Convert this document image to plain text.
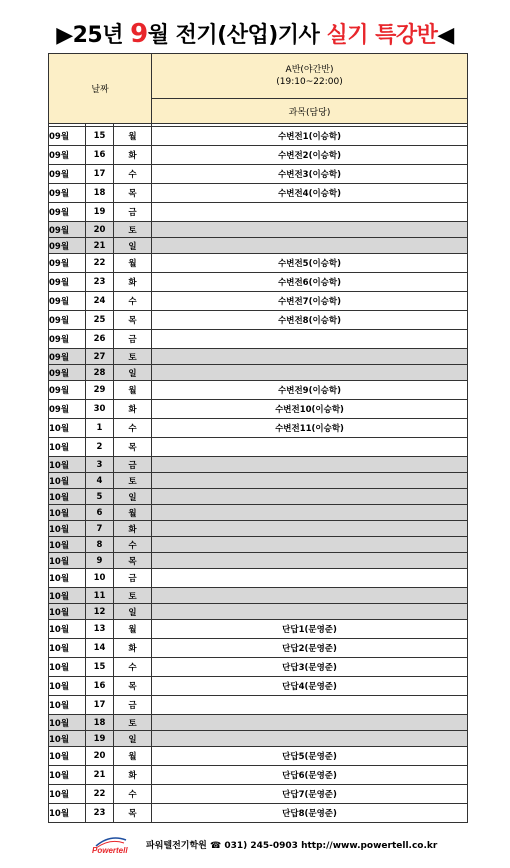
▶25년 9월 전기(산업)기사 실기 특강반◀
날짜			A반(야간반)
(19:10~22:00)

			과목(담당)

09월	15	월	수변전1(이승학)
09월	16	화	수변전2(이승학)
09월	17	수	수변전3(이승학)
09월	18	목	수변전4(이승학)
09월	19	금	
09월	20	토	
09월	21	일	
09월	22	월	수변전5(이승학)
09월	23	화	수변전6(이승학)
09월	24	수	수변전7(이승학)
09월	25	목	수변전8(이승학)
09월	26	금	
09월	27	토	
09월	28	일	
09월	29	월	수변전9(이승학)
09월	30	화	수변전10(이승학)
10월	1	수	수변전11(이승학)
10월	2	목	
10월	3	금	
10월	4	토	
10월	5	일	
10월	6	월	
10월	7	화	
10월	8	수	
10월	9	목	
10월	10	금	
10월	11	토	
10월	12	일	
10월	13	월	단답1(문영준)
10월	14	화	단답2(문영준)
10월	15	수	단답3(문영준)
10월	16	목	단답4(문영준)
10월	17	금	
10월	18	토	
10월	19	일	
10월	20	월	단답5(문영준)
10월	21	화	단답6(문영준)
10월	22	수	단답7(문영준)
10월	23	목	단답8(문영준)
Powertell 파워텔전기학원 ☎ 031) 245-0903 http://www.powertell.co.kr
